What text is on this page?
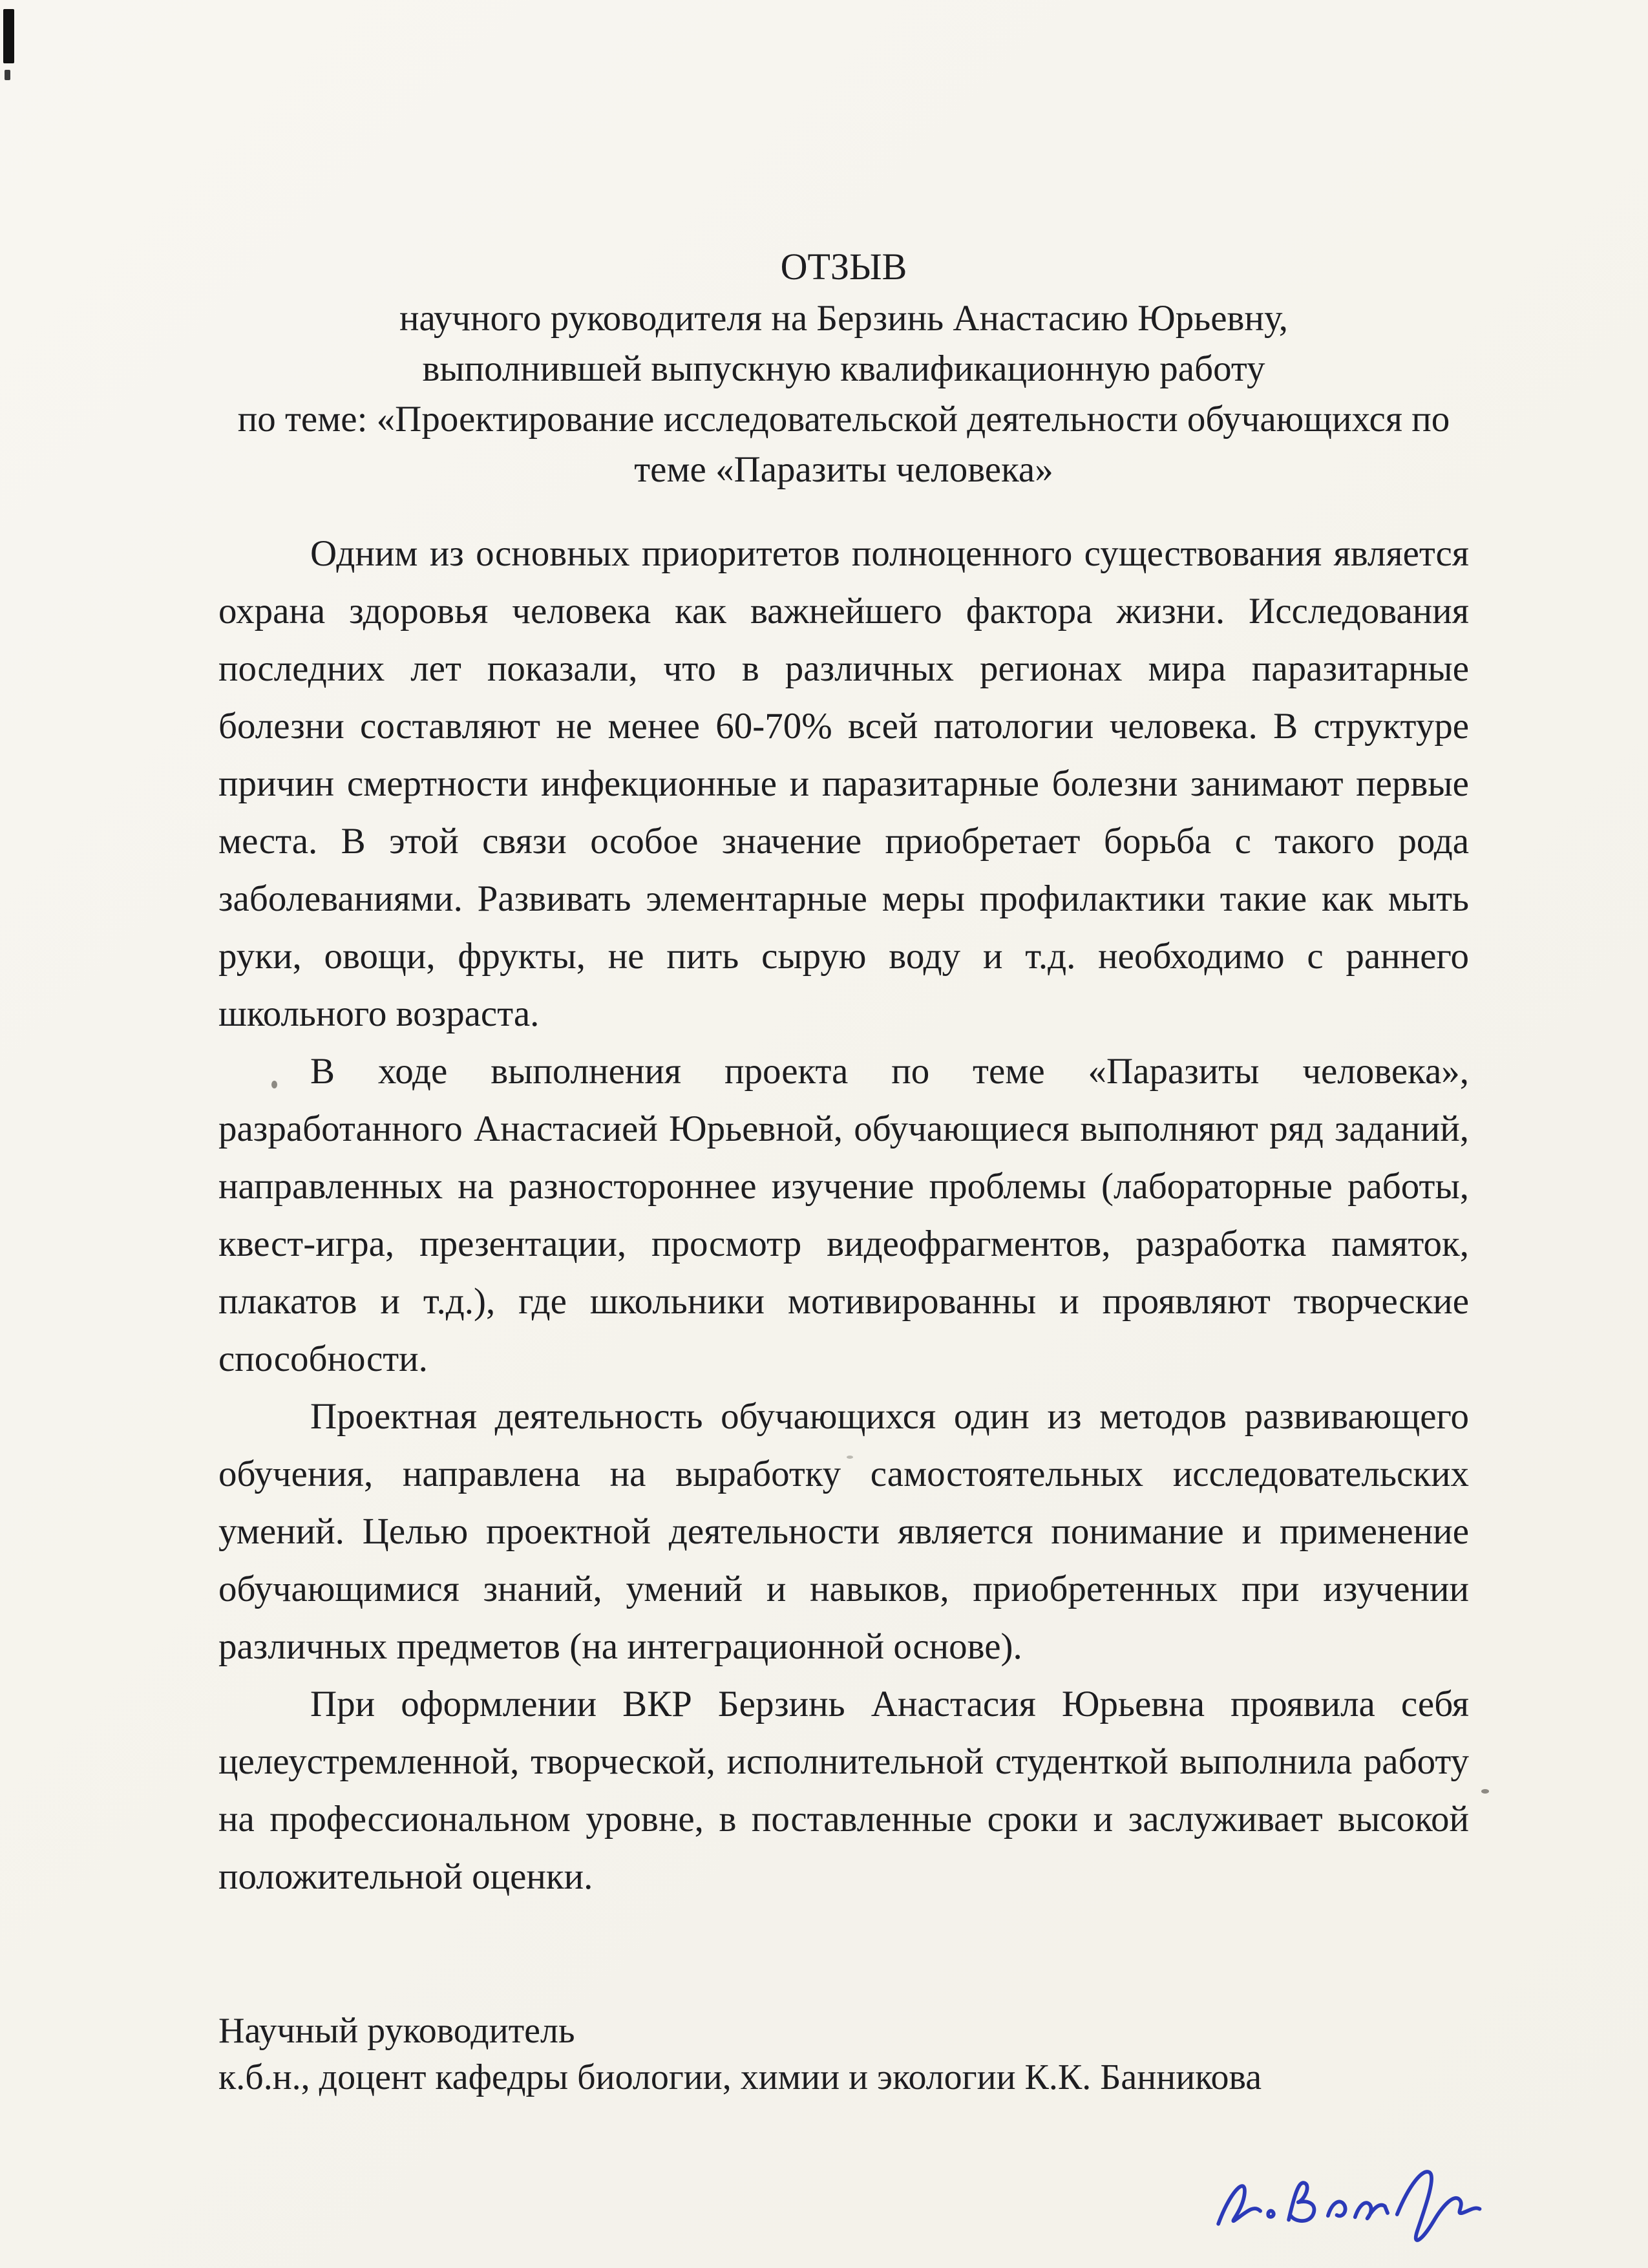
ОТЗЫВ

научного руководителя на Берзинь Анастасию Юрьевну,

выполнившей выпускную квалификационную работу

по теме: «Проектирование исследовательской деятельности обучающихся по

теме «Паразиты человека»

Одним из основных приоритетов полноценного существования является охрана здоровья человека как важнейшего фактора жизни. Исследования последних лет показали, что в различных регионах мира паразитарные болезни составляют не менее 60-70% всей патологии человека. В структуре причин смертности инфекционные и паразитарные болезни занимают первые места. В этой связи особое значение приобретает борьба с такого рода заболеваниями. Развивать элементарные меры профилактики такие как мыть руки, овощи, фрукты, не пить сырую воду и т.д. необходимо с раннего школьного возраста.

В ходе выполнения проекта по теме «Паразиты человека», разработанного Анастасией Юрьевной, обучающиеся выполняют ряд заданий, направленных на разностороннее изучение проблемы (лабораторные работы, квест-игра, презентации, просмотр видеофрагментов, разработка памяток, плакатов и т.д.), где школьники мотивированны и проявляют творческие способности.

Проектная деятельность обучающихся один из методов развивающего обучения, направлена на выработку самостоятельных исследовательских умений. Целью проектной деятельности является понимание и применение обучающимися знаний, умений и навыков, приобретенных при изучении различных предметов (на интеграционной основе).

При оформлении ВКР Берзинь Анастасия Юрьевна проявила себя целеустремленной, творческой, исполнительной студенткой выполнила работу на профессиональном уровне, в поставленные сроки и заслуживает высокой положительной оценки.

Научный руководитель

к.б.н., доцент кафедры биологии, химии и экологии К.К. Банникова
